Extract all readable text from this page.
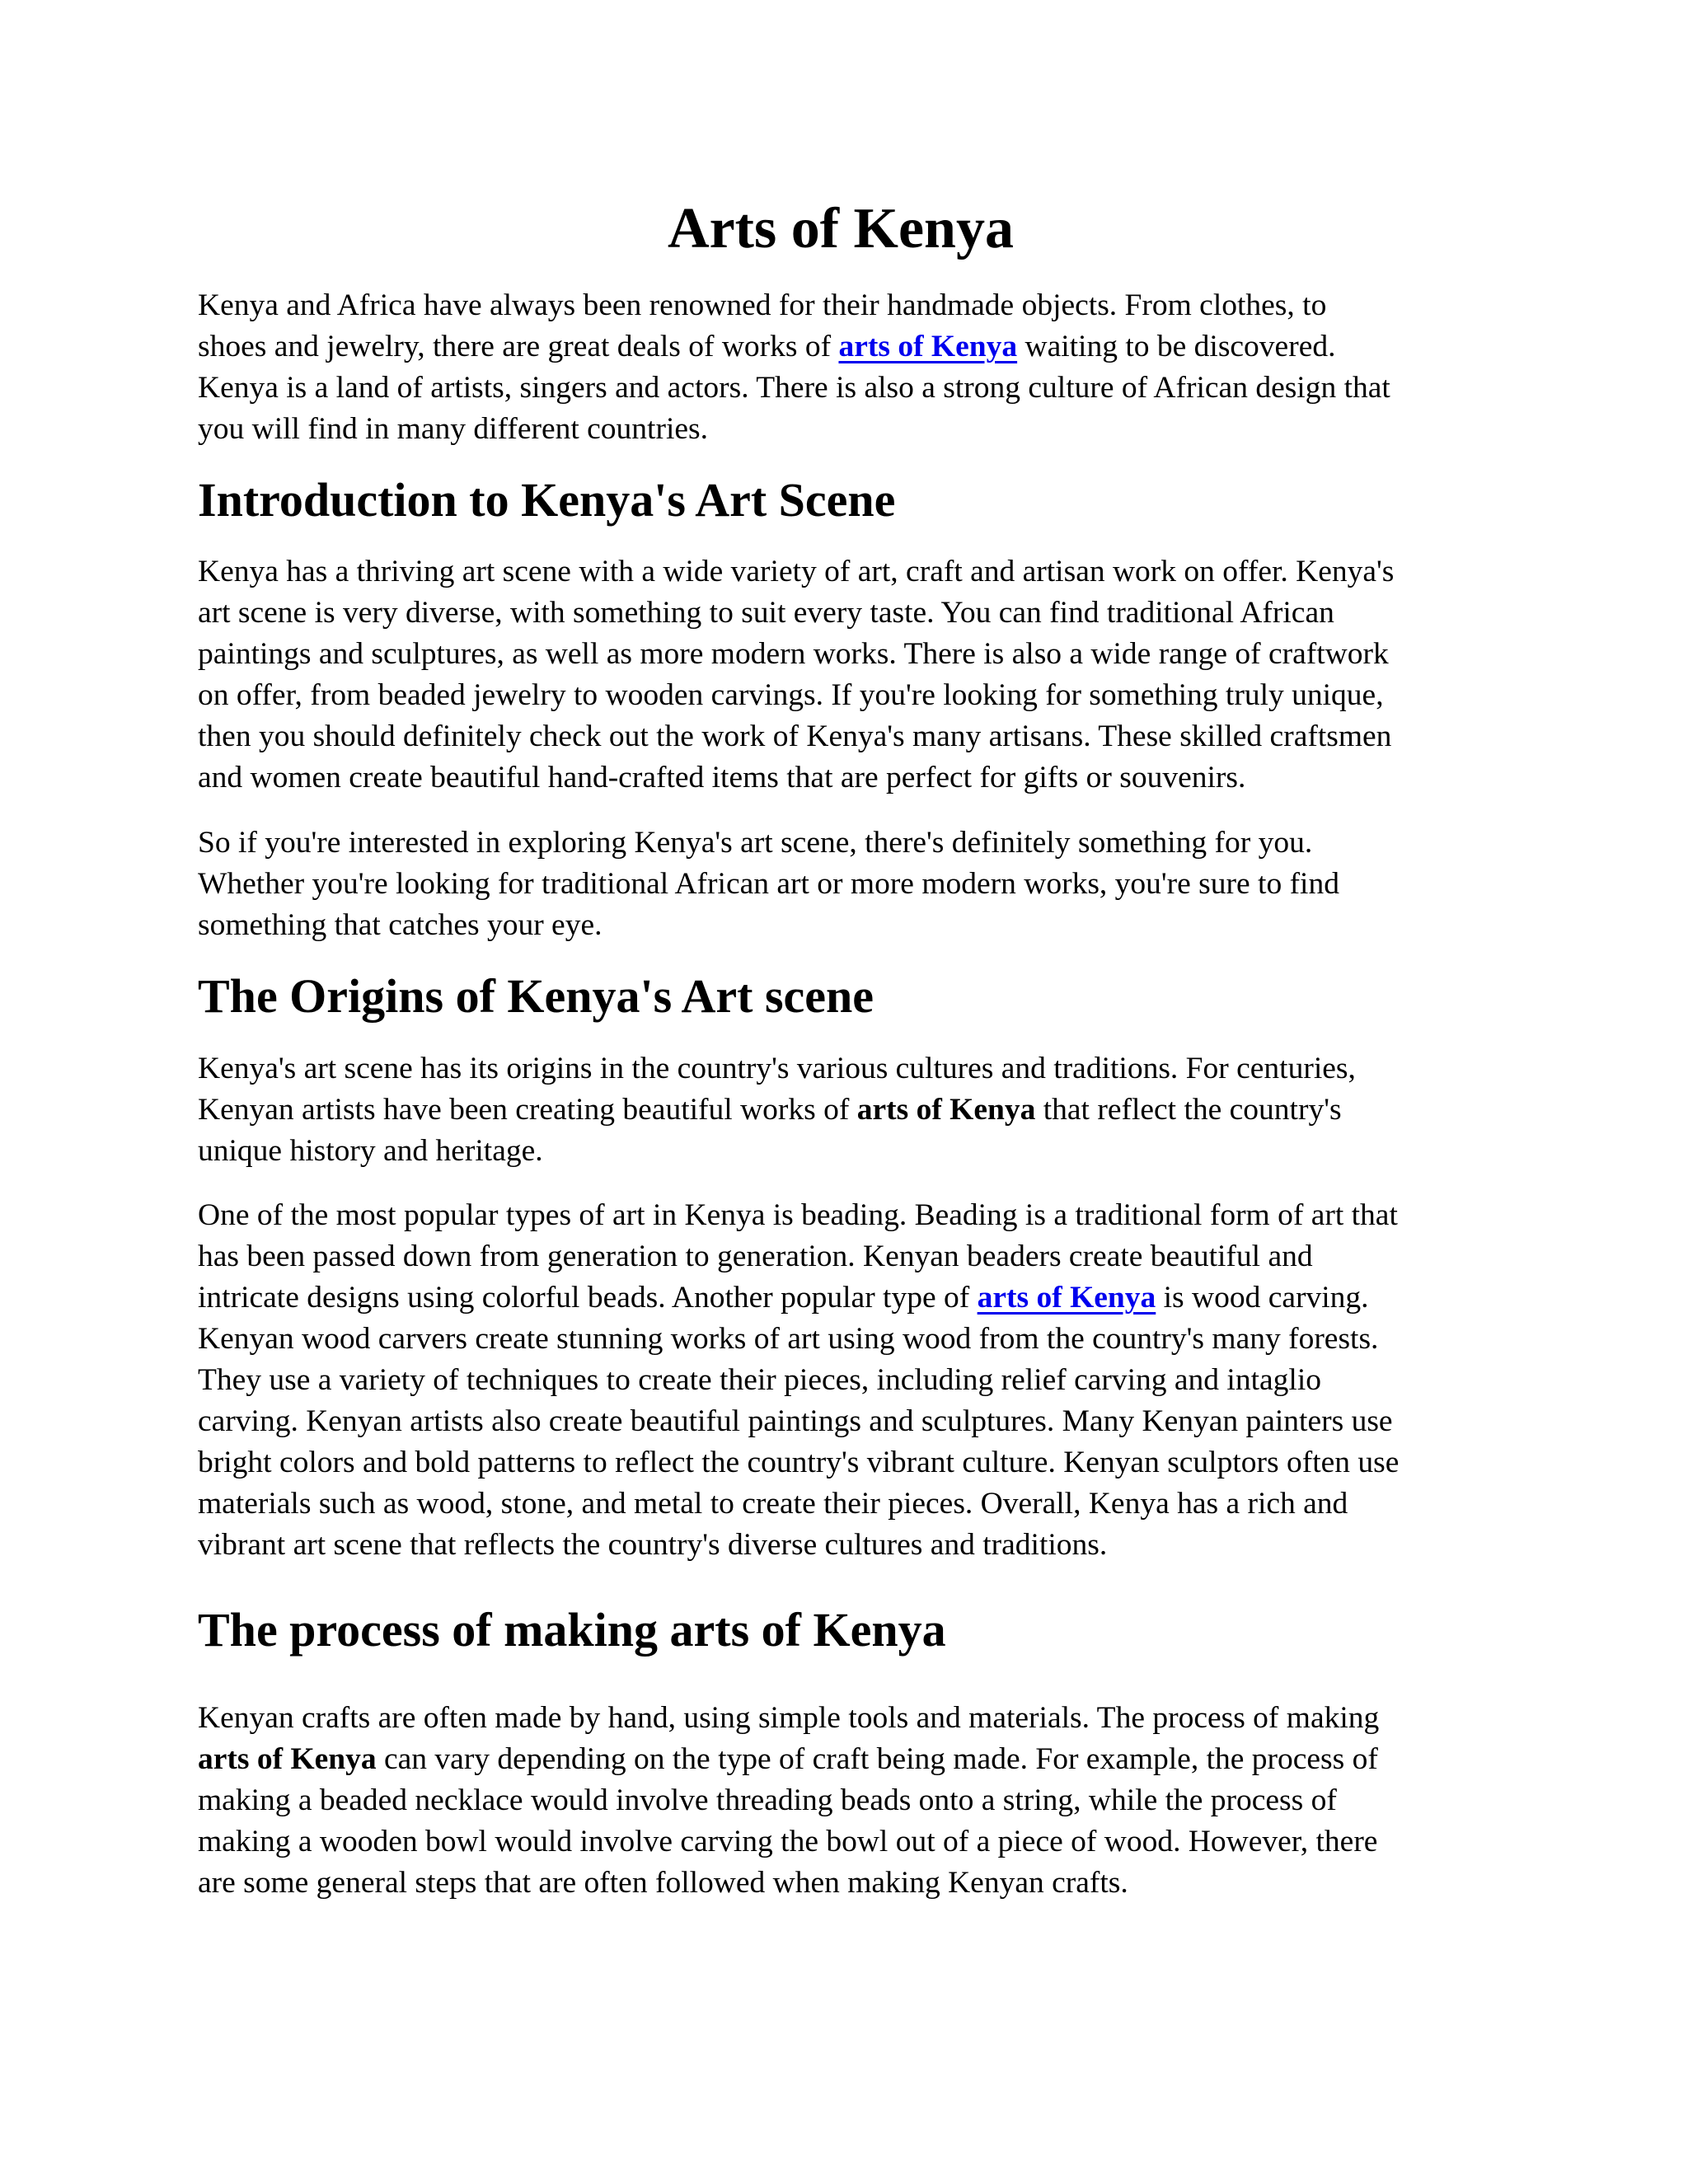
Arts of Kenya

Kenya and Africa have always been renowned for their handmade objects. From clothes, to
shoes and jewelry, there are great deals of works of arts of Kenya waiting to be discovered.
Kenya is a land of artists, singers and actors. There is also a strong culture of African design that
you will find in many different countries.

Introduction to Kenya's Art Scene

Kenya has a thriving art scene with a wide variety of art, craft and artisan work on offer. Kenya's
art scene is very diverse, with something to suit every taste. You can find traditional African
paintings and sculptures, as well as more modern works. There is also a wide range of craftwork
on offer, from beaded jewelry to wooden carvings. If you're looking for something truly unique,
then you should definitely check out the work of Kenya's many artisans. These skilled craftsmen
and women create beautiful hand-crafted items that are perfect for gifts or souvenirs.

So if you're interested in exploring Kenya's art scene, there's definitely something for you.
Whether you're looking for traditional African art or more modern works, you're sure to find
something that catches your eye.

The Origins of Kenya's Art scene

Kenya's art scene has its origins in the country's various cultures and traditions. For centuries,
Kenyan artists have been creating beautiful works of arts of Kenya that reflect the country's
unique history and heritage.

One of the most popular types of art in Kenya is beading. Beading is a traditional form of art that
has been passed down from generation to generation. Kenyan beaders create beautiful and
intricate designs using colorful beads. Another popular type of arts of Kenya is wood carving.
Kenyan wood carvers create stunning works of art using wood from the country's many forests.
They use a variety of techniques to create their pieces, including relief carving and intaglio
carving. Kenyan artists also create beautiful paintings and sculptures. Many Kenyan painters use
bright colors and bold patterns to reflect the country's vibrant culture. Kenyan sculptors often use
materials such as wood, stone, and metal to create their pieces. Overall, Kenya has a rich and
vibrant art scene that reflects the country's diverse cultures and traditions.

The process of making arts of Kenya

Kenyan crafts are often made by hand, using simple tools and materials. The process of making
arts of Kenya can vary depending on the type of craft being made. For example, the process of
making a beaded necklace would involve threading beads onto a string, while the process of
making a wooden bowl would involve carving the bowl out of a piece of wood. However, there
are some general steps that are often followed when making Kenyan crafts.
